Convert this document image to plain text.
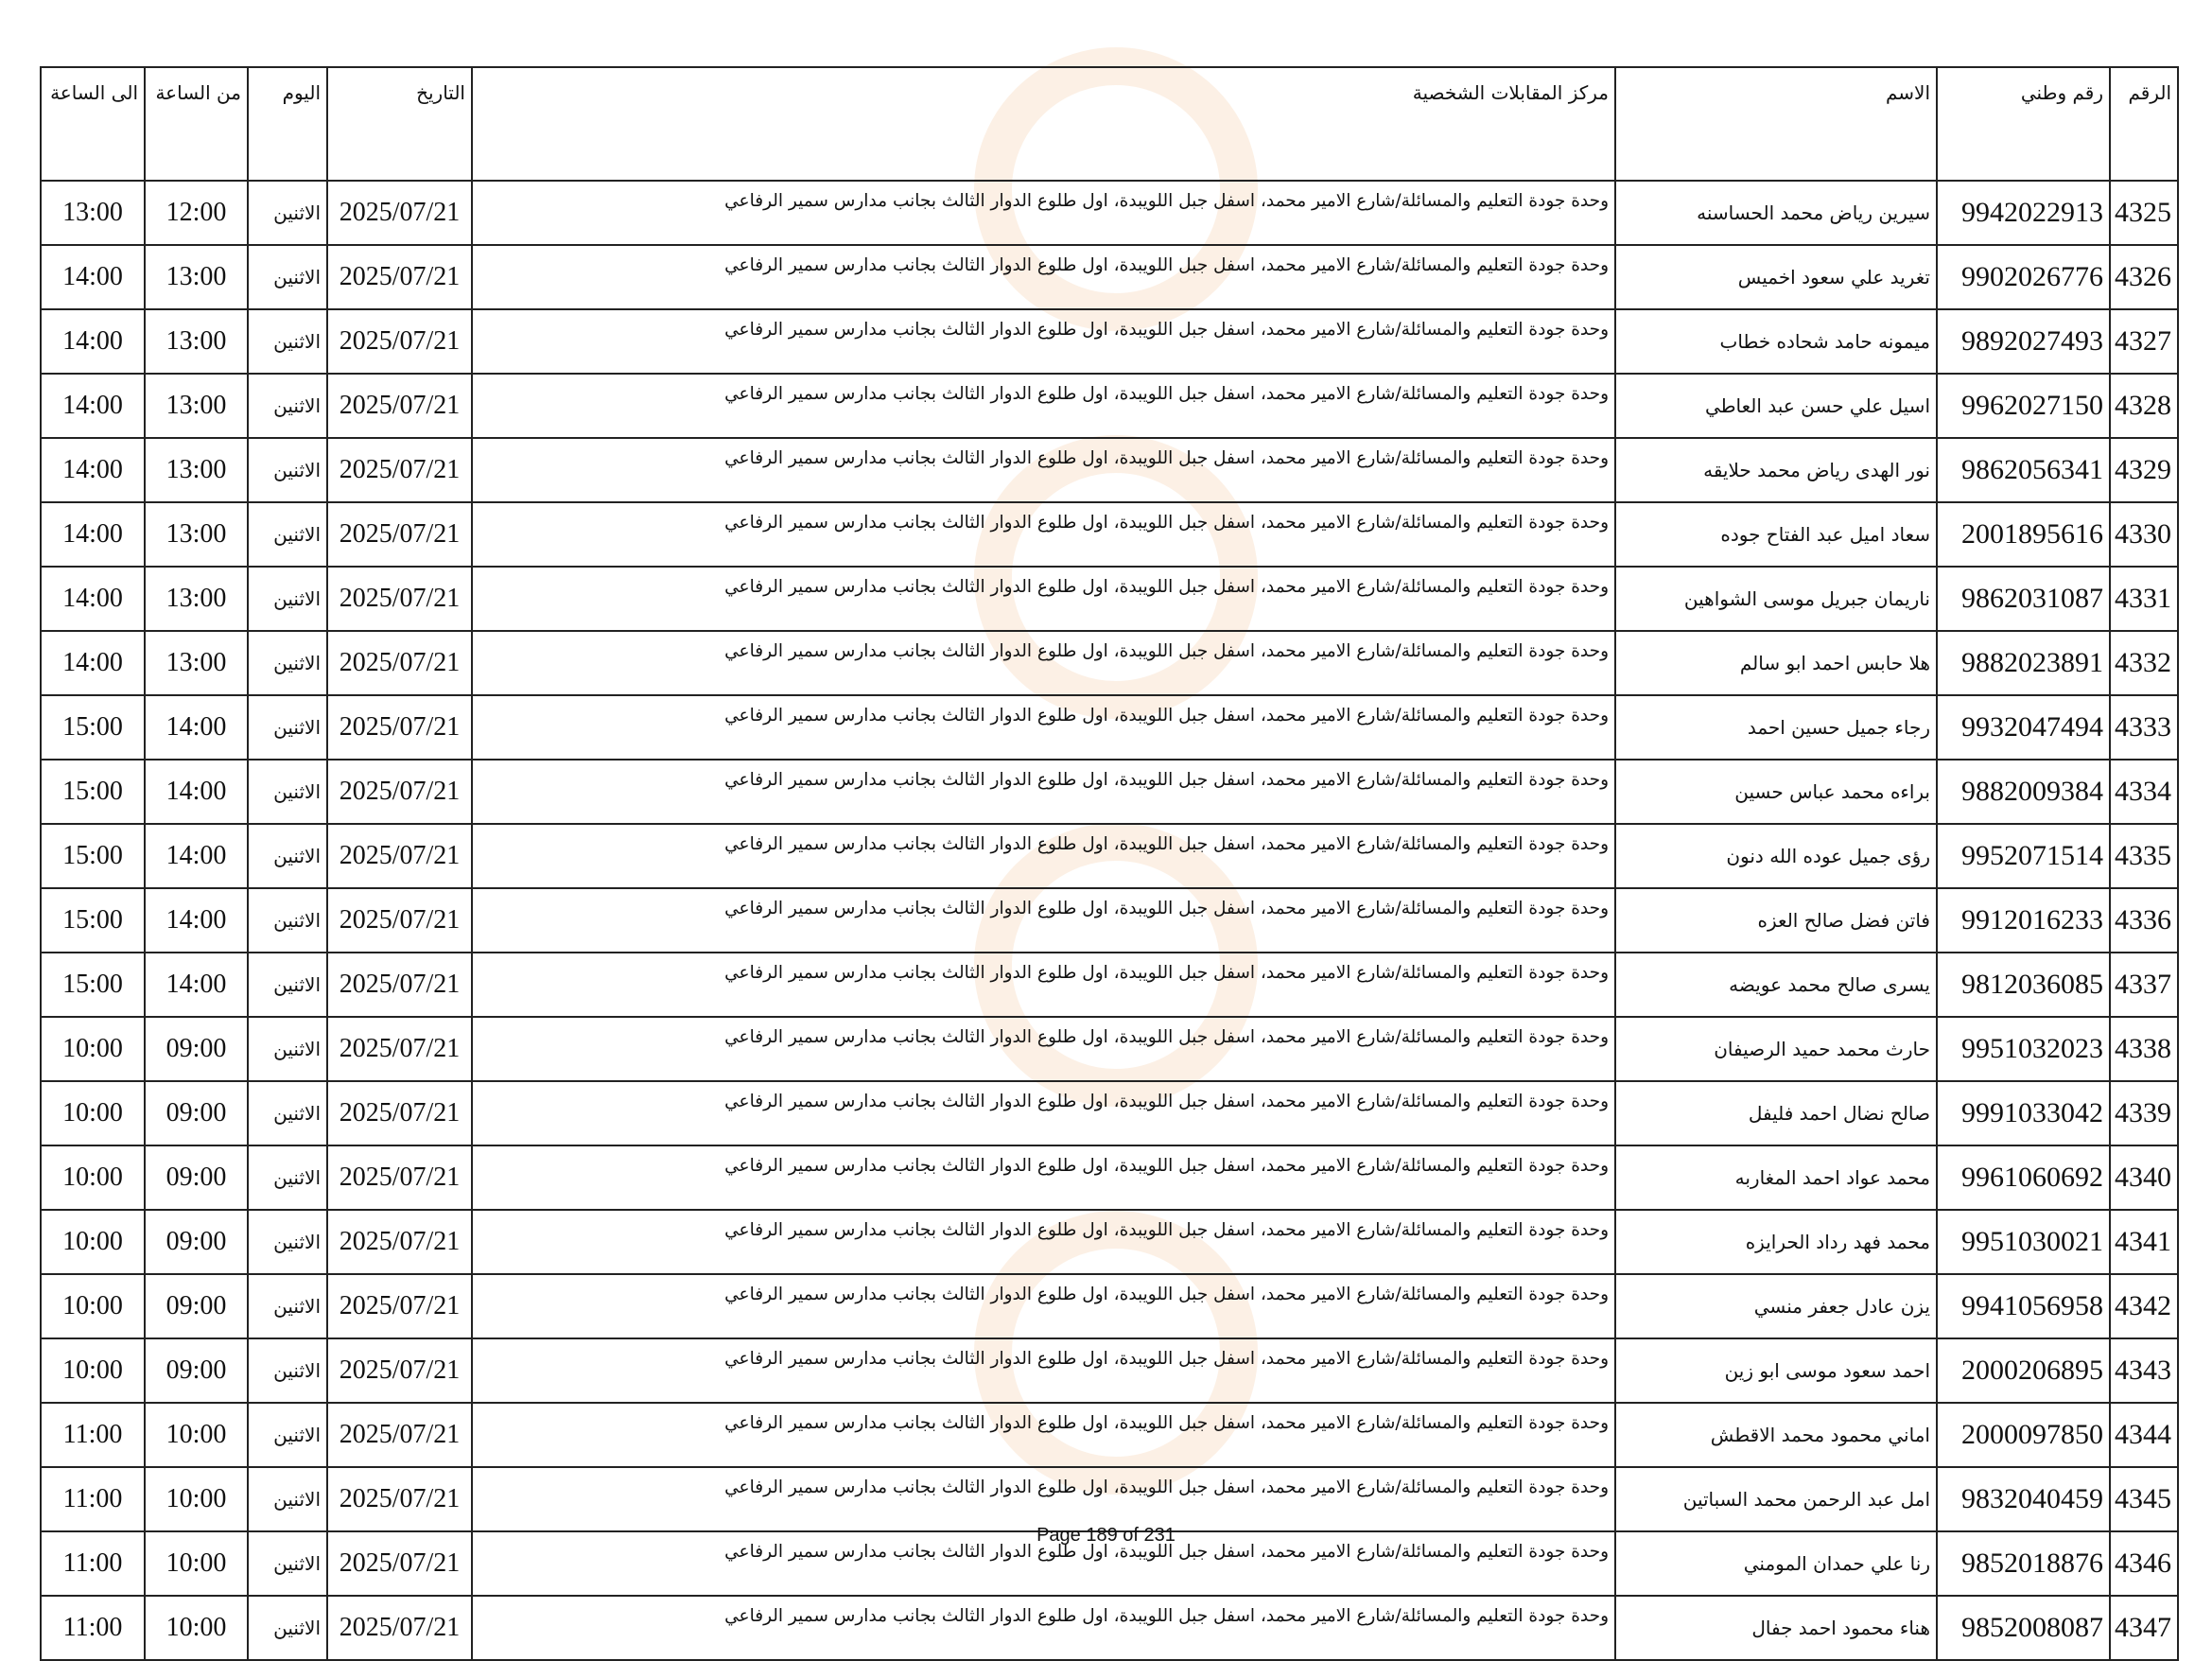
الرقم	رقم وطني	الاسم	مركز المقابلات الشخصية	التاريخ	اليوم	من الساعة	الى الساعة
4325	9942022913	سيرين رياض محمد الحساسنه	وحدة جودة التعليم والمسائلة/شارع الامير محمد، اسفل جبل اللويبدة، اول طلوع الدوار الثالث بجانب مدارس سمير الرفاعي	2025/07/21	الاثنين	12:00	13:00
4326	9902026776	تغريد علي سعود اخميس	وحدة جودة التعليم والمسائلة/شارع الامير محمد، اسفل جبل اللويبدة، اول طلوع الدوار الثالث بجانب مدارس سمير الرفاعي	2025/07/21	الاثنين	13:00	14:00
4327	9892027493	ميمونه حامد شحاده خطاب	وحدة جودة التعليم والمسائلة/شارع الامير محمد، اسفل جبل اللويبدة، اول طلوع الدوار الثالث بجانب مدارس سمير الرفاعي	2025/07/21	الاثنين	13:00	14:00
4328	9962027150	اسيل علي حسن عبد العاطي	وحدة جودة التعليم والمسائلة/شارع الامير محمد، اسفل جبل اللويبدة، اول طلوع الدوار الثالث بجانب مدارس سمير الرفاعي	2025/07/21	الاثنين	13:00	14:00
4329	9862056341	نور الهدى رياض محمد حلايقه	وحدة جودة التعليم والمسائلة/شارع الامير محمد، اسفل جبل اللويبدة، اول طلوع الدوار الثالث بجانب مدارس سمير الرفاعي	2025/07/21	الاثنين	13:00	14:00
4330	2001895616	سعاد اميل عبد الفتاح جوده	وحدة جودة التعليم والمسائلة/شارع الامير محمد، اسفل جبل اللويبدة، اول طلوع الدوار الثالث بجانب مدارس سمير الرفاعي	2025/07/21	الاثنين	13:00	14:00
4331	9862031087	ناريمان جبريل موسى الشواهين	وحدة جودة التعليم والمسائلة/شارع الامير محمد، اسفل جبل اللويبدة، اول طلوع الدوار الثالث بجانب مدارس سمير الرفاعي	2025/07/21	الاثنين	13:00	14:00
4332	9882023891	هلا حابس احمد ابو سالم	وحدة جودة التعليم والمسائلة/شارع الامير محمد، اسفل جبل اللويبدة، اول طلوع الدوار الثالث بجانب مدارس سمير الرفاعي	2025/07/21	الاثنين	13:00	14:00
4333	9932047494	رجاء جميل حسين احمد	وحدة جودة التعليم والمسائلة/شارع الامير محمد، اسفل جبل اللويبدة، اول طلوع الدوار الثالث بجانب مدارس سمير الرفاعي	2025/07/21	الاثنين	14:00	15:00
4334	9882009384	براءه محمد عباس حسين	وحدة جودة التعليم والمسائلة/شارع الامير محمد، اسفل جبل اللويبدة، اول طلوع الدوار الثالث بجانب مدارس سمير الرفاعي	2025/07/21	الاثنين	14:00	15:00
4335	9952071514	رؤى جميل عوده الله دنون	وحدة جودة التعليم والمسائلة/شارع الامير محمد، اسفل جبل اللويبدة، اول طلوع الدوار الثالث بجانب مدارس سمير الرفاعي	2025/07/21	الاثنين	14:00	15:00
4336	9912016233	فاتن فضل صالح العزه	وحدة جودة التعليم والمسائلة/شارع الامير محمد، اسفل جبل اللويبدة، اول طلوع الدوار الثالث بجانب مدارس سمير الرفاعي	2025/07/21	الاثنين	14:00	15:00
4337	9812036085	يسرى صالح محمد عويضه	وحدة جودة التعليم والمسائلة/شارع الامير محمد، اسفل جبل اللويبدة، اول طلوع الدوار الثالث بجانب مدارس سمير الرفاعي	2025/07/21	الاثنين	14:00	15:00
4338	9951032023	حارث محمد حميد الرصيفان	وحدة جودة التعليم والمسائلة/شارع الامير محمد، اسفل جبل اللويبدة، اول طلوع الدوار الثالث بجانب مدارس سمير الرفاعي	2025/07/21	الاثنين	09:00	10:00
4339	9991033042	صالح نضال احمد فليفل	وحدة جودة التعليم والمسائلة/شارع الامير محمد، اسفل جبل اللويبدة، اول طلوع الدوار الثالث بجانب مدارس سمير الرفاعي	2025/07/21	الاثنين	09:00	10:00
4340	9961060692	محمد عواد احمد المغاربه	وحدة جودة التعليم والمسائلة/شارع الامير محمد، اسفل جبل اللويبدة، اول طلوع الدوار الثالث بجانب مدارس سمير الرفاعي	2025/07/21	الاثنين	09:00	10:00
4341	9951030021	محمد فهد رداد الحرايزه	وحدة جودة التعليم والمسائلة/شارع الامير محمد، اسفل جبل اللويبدة، اول طلوع الدوار الثالث بجانب مدارس سمير الرفاعي	2025/07/21	الاثنين	09:00	10:00
4342	9941056958	يزن عادل جعفر منسي	وحدة جودة التعليم والمسائلة/شارع الامير محمد، اسفل جبل اللويبدة، اول طلوع الدوار الثالث بجانب مدارس سمير الرفاعي	2025/07/21	الاثنين	09:00	10:00
4343	2000206895	احمد سعود موسى ابو زين	وحدة جودة التعليم والمسائلة/شارع الامير محمد، اسفل جبل اللويبدة، اول طلوع الدوار الثالث بجانب مدارس سمير الرفاعي	2025/07/21	الاثنين	09:00	10:00
4344	2000097850	اماني محمود محمد الاقطش	وحدة جودة التعليم والمسائلة/شارع الامير محمد، اسفل جبل اللويبدة، اول طلوع الدوار الثالث بجانب مدارس سمير الرفاعي	2025/07/21	الاثنين	10:00	11:00
4345	9832040459	امل عبد الرحمن محمد السباتين	وحدة جودة التعليم والمسائلة/شارع الامير محمد، اسفل جبل اللويبدة، اول طلوع الدوار الثالث بجانب مدارس سمير الرفاعي	2025/07/21	الاثنين	10:00	11:00
4346	9852018876	رنا علي حمدان المومني	وحدة جودة التعليم والمسائلة/شارع الامير محمد، اسفل جبل اللويبدة، اول طلوع الدوار الثالث بجانب مدارس سمير الرفاعي	2025/07/21	الاثنين	10:00	11:00
4347	9852008087	هناء محمود احمد جفال	وحدة جودة التعليم والمسائلة/شارع الامير محمد، اسفل جبل اللويبدة، اول طلوع الدوار الثالث بجانب مدارس سمير الرفاعي	2025/07/21	الاثنين	10:00	11:00
Page 189 of 231
